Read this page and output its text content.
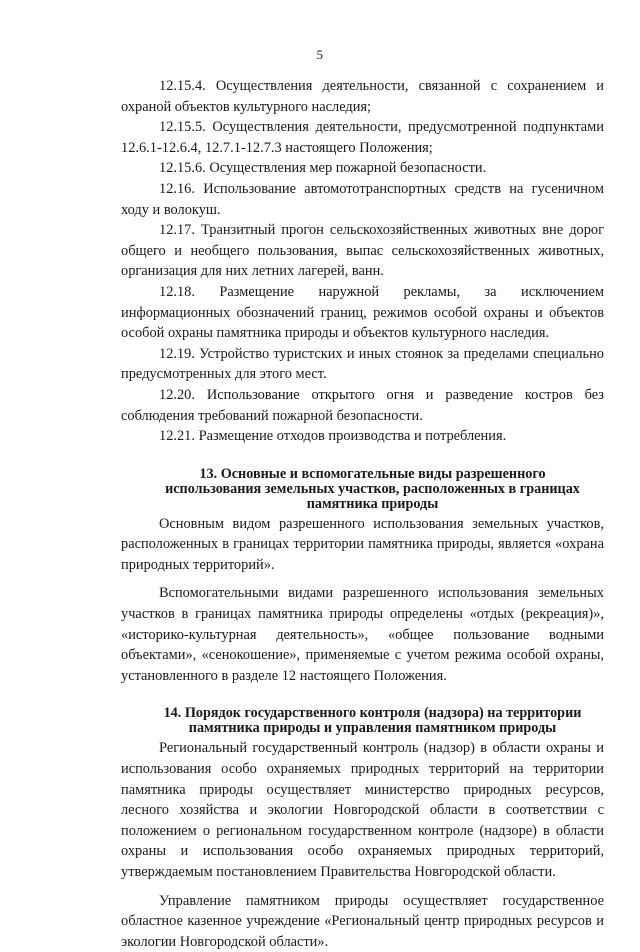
5

12.15.4. Осуществления деятельности, связанной с сохранением и охраной объектов культурного наследия;

12.15.5. Осуществления деятельности, предусмотренной подпунктами 12.6.1-12.6.4, 12.7.1-12.7.3 настоящего Положения;

12.15.6. Осуществления мер пожарной безопасности.

12.16. Использование автомототранспортных средств на гусеничном ходу и волокуш.

12.17. Транзитный прогон сельскохозяйственных животных вне дорог общего и необщего пользования, выпас сельскохозяйственных животных, организация для них летних лагерей, ванн.

12.18. Размещение наружной рекламы, за исключением информационных обозначений границ, режимов особой охраны и объектов особой охраны памятника природы и объектов культурного наследия.

12.19. Устройство туристских и иных стоянок за пределами специально предусмотренных для этого мест.

12.20. Использование открытого огня и разведение костров без соблюдения требований пожарной безопасности.

12.21. Размещение отходов производства и потребления.

13. Основные и вспомогательные виды разрешенного использования земельных участков, расположенных в границах памятника природы

Основным видом разрешенного использования земельных участков, расположенных в границах территории памятника природы, является «охрана природных территорий».

Вспомогательными видами разрешенного использования земельных участков в границах памятника природы определены «отдых (рекреация)», «историко-культурная деятельность», «общее пользование водными объектами», «сенокошение», применяемые с учетом режима особой охраны, установленного в разделе 12 настоящего Положения.

14. Порядок государственного контроля (надзора) на территории памятника природы и управления памятником природы

Региональный государственный контроль (надзор) в области охраны и использования особо охраняемых природных территорий на территории памятника природы осуществляет министерство природных ресурсов, лесного хозяйства и экологии Новгородской области в соответствии с положением о региональном государственном контроле (надзоре) в области охраны и использования особо охраняемых природных территорий, утверждаемым постановлением Правительства Новгородской области.

Управление памятником природы осуществляет государственное областное казенное учреждение «Региональный центр природных ресурсов и экологии Новгородской области».
